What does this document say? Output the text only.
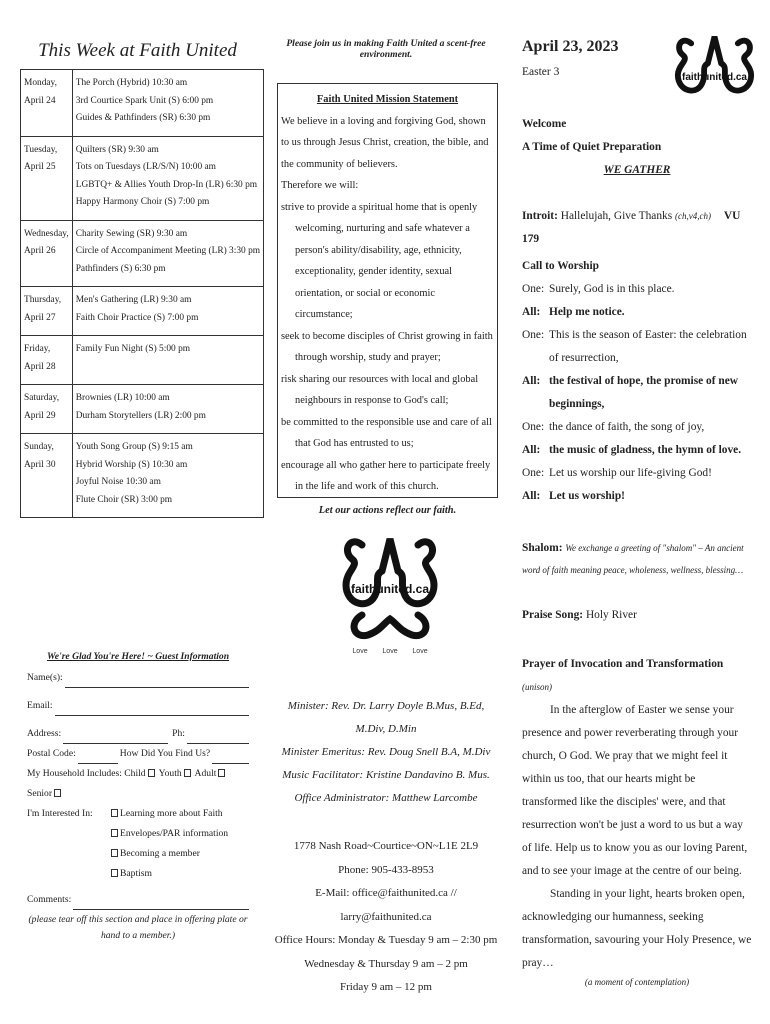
This Week at Faith United
Monday, April 24	The Porch (Hybrid) 10:30 am
3rd Courtice Spark Unit (S) 6:00 pm
Guides & Pathfinders (SR) 6:30 pm

Tuesday, April 25	Quilters (SR) 9:30 am
Tots on Tuesdays (LR/S/N) 10:00 am
LGBTQ+ & Allies Youth Drop-In (LR) 6:30 pm
Happy Harmony Choir (S) 7:00 pm

Wednesday, April 26	Charity Sewing (SR) 9:30 am
Circle of Accompaniment Meeting (LR) 3:30 pm
Pathfinders (S) 6:30 pm

Thursday, April 27	Men's Gathering (LR) 9:30 am
Faith Choir Practice (S) 7:00 pm

Friday, April 28	Family Fun Night (S) 5:00 pm

Saturday, April 29	Brownies (LR) 10:00 am
Durham Storytellers (LR) 2:00 pm

Sunday, April 30	Youth Song Group (S) 9:15 am
Hybrid Worship (S) 10:30 am
Joyful Noise 10:30 am
Flute Choir (SR) 3:00 pm
We're Glad You're Here! ~ Guest Information
Name(s):
Email:
Address:	Ph:
Postal Code:	How Did You Find Us?
My Household Includes: Child Youth Adult Senior
I'm Interested In:	Learning more about Faith
Envelopes/PAR information
Becoming a member
Baptism
Comments:
(please tear off this section and place in offering plate or hand to a member.)
Please join us in making Faith United a scent-free environment.
Faith United Mission Statement
We believe in a loving and forgiving God, shown to us through Jesus Christ, creation, the bible, and the community of believers.
Therefore we will:
strive to provide a spiritual home that is openly welcoming, nurturing and safe whatever a person's ability/disability, age, ethnicity, exceptionality, gender identity, sexual orientation, or social or economic circumstance;
seek to become disciples of Christ growing in faith through worship, study and prayer;
risk sharing our resources with local and global neighbours in response to God's call;
be committed to the responsible use and care of all that God has entrusted to us;
encourage all who gather here to participate freely in the life and work of this church.
Let our actions reflect our faith.
faithunited.ca
Love Love Love
Minister: Rev. Dr. Larry Doyle B.Mus, B.Ed, M.Div, D.Min
Minister Emeritus: Rev. Doug Snell B.A, M.Div
Music Facilitator: Kristine Dandavino B. Mus.
Office Administrator: Matthew Larcombe
1778 Nash Road~Courtice~ON~L1E 2L9
Phone: 905-433-8953
E-Mail: office@faithunited.ca // larry@faithunited.ca
Office Hours: Monday & Tuesday 9 am – 2:30 pm
Wednesday & Thursday 9 am – 2 pm
Friday 9 am – 12 pm
April 23, 2023
Easter 3	faithunited.ca
Welcome
A Time of Quiet Preparation
WE GATHER
Introit: Hallelujah, Give Thanks (ch,v4,ch) VU 179
Call to Worship
One: Surely, God is in this place.
All: Help me notice.
One: This is the season of Easter: the celebration of resurrection,
All: the festival of hope, the promise of new beginnings,
One: the dance of faith, the song of joy,
All: the music of gladness, the hymn of love.
One: Let us worship our life-giving God!
All: Let us worship!
Shalom: We exchange a greeting of "shalom" – An ancient word of faith meaning peace, wholeness, wellness, blessing…
Praise Song: Holy River
Prayer of Invocation and Transformation (unison)

In the afterglow of Easter we sense your presence and power reverberating through your church, O God. We pray that we might feel it within us too, that our hearts might be transformed like the disciples' were, and that resurrection won't be just a word to us but a way of life. Help us to know you as our loving Parent, and to see your image at the centre of our being.

Standing in your light, hearts broken open, acknowledging our humanness, seeking transformation, savouring your Holy Presence, we pray…

(a moment of contemplation)
